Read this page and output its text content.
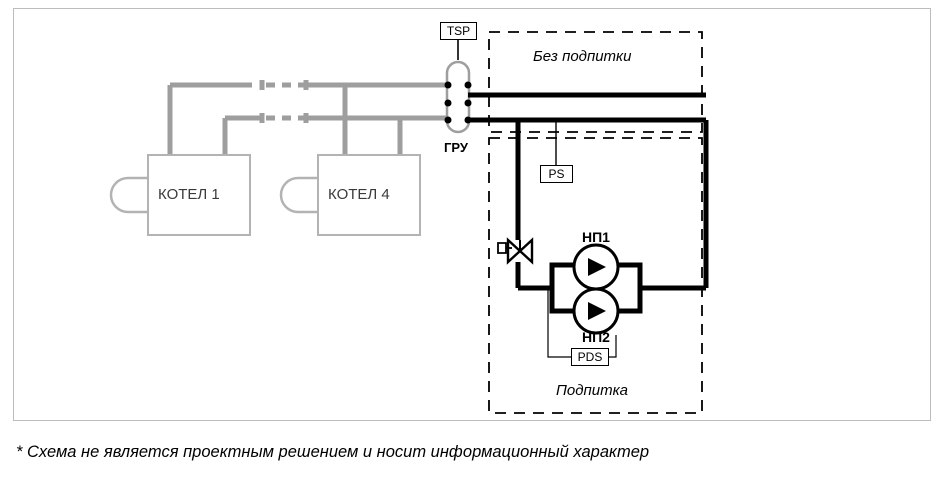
КОТЕЛ 1	КОТЕЛ 4
TSP
PS
PDS
ГРУ
Без подпитки
Подпитка
НП1
НП2
* Схема не является проектным решением и носит информационный характер
